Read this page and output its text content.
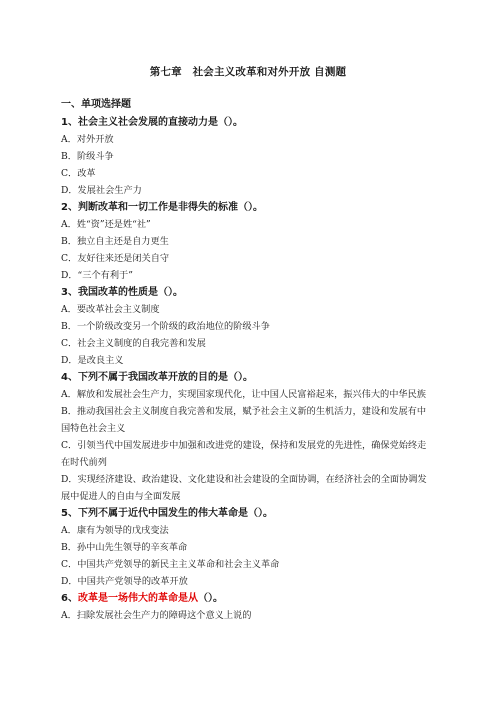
第七章　社会主义改革和对外开放 自测题
一、单项选择题
1、社会主义社会发展的直接动力是（）。
A．对外开放
B．阶级斗争
C．改革
D．发展社会生产力
2、判断改革和一切工作是非得失的标准（）。
A．姓“资”还是姓“社”
B．独立自主还是自力更生
C．友好往来还是闭关自守
D．“三个有利于”
3、我国改革的性质是（）。
A．要改革社会主义制度
B．一个阶级改变另一个阶级的政治地位的阶级斗争
C．社会主义制度的自我完善和发展
D．是改良主义
4、下列不属于我国改革开放的目的是（）。
A．解放和发展社会生产力，实现国家现代化，让中国人民富裕起来，振兴伟大的中华民族
B．推动我国社会主义制度自我完善和发展，赋予社会主义新的生机活力，建设和发展有中国特色社会主义
C．引领当代中国发展进步中加强和改进党的建设，保持和发展党的先进性，确保党始终走在时代前列
D．实现经济建设、政治建设、文化建设和社会建设的全面协调，在经济社会的全面协调发展中促进人的自由与全面发展
5、下列不属于近代中国发生的伟大革命是（）。
A．康有为领导的戊戌变法
B．孙中山先生领导的辛亥革命
C．中国共产党领导的新民主主义革命和社会主义革命
D．中国共产党领导的改革开放
6、改革是一场伟大的革命是从（）。
A．扫除发展社会生产力的障碍这个意义上说的
